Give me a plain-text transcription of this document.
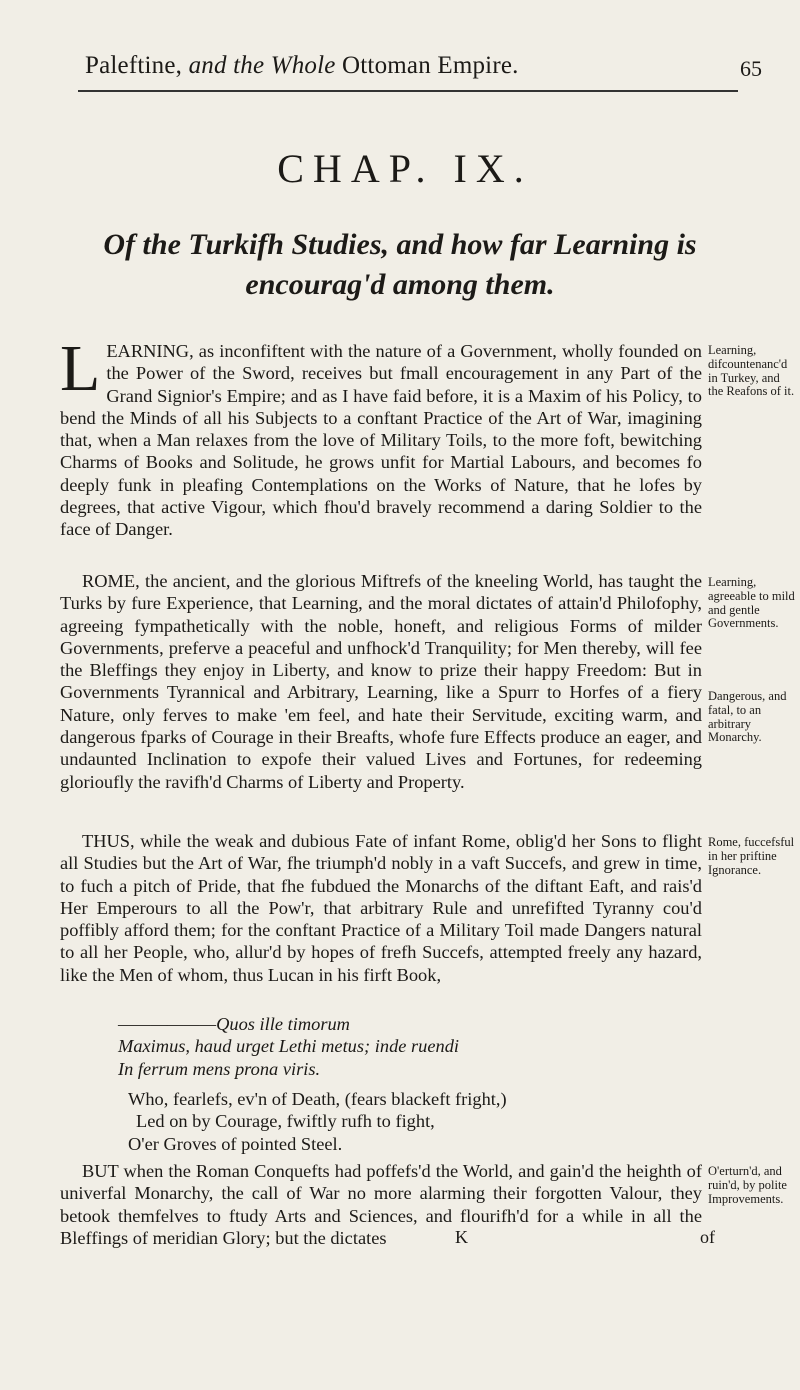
Paleftine, and the Whole Ottoman Empire.	65
CHAP. IX.
Of the Turkifh Studies, and how far Learning is
encourag'd among them.

L EARNING, as inconfiftent with the nature of a Government, wholly founded on the Power of the Sword, receives but fmall encouragement in any Part of the Grand Signior's Empire; and as I have faid before, it is a Maxim of his Policy, to bend the Minds of all his Subjects to a conftant Practice of the Art of War, imagining that, when a Man relaxes from the love of Military Toils, to the more foft, bewitching Charms of Books and Solitude, he grows unfit for Martial Labours, and becomes fo deeply funk in pleafing Contemplations on the Works of Nature, that he lofes by degrees, that active Vigour, which fhou'd bravely recommend a daring Soldier to the face of Danger.

ROME, the ancient, and the glorious Miftrefs of the kneeling World, has taught the Turks by fure Experience, that Learning, and the moral dictates of attain'd Philofophy, agreeing fympathetically with the noble, honeft, and religious Forms of milder Governments, preferve a peaceful and unfhock'd Tranquility; for Men thereby, will fee the Bleffings they enjoy in Liberty, and know to prize their happy Freedom: But in Governments Tyrannical and Arbitrary, Learning, like a Spurr to Horfes of a fiery Nature, only ferves to make 'em feel, and hate their Servitude, exciting warm, and dangerous fparks of Courage in their Breafts, whofe fure Effects produce an eager, and undaunted Inclination to expofe their valued Lives and Fortunes, for redeeming glorioufly the ravifh'd Charms of Liberty and Property.

THUS, while the weak and dubious Fate of infant Rome, oblig'd her Sons to flight all Studies but the Art of War, fhe triumph'd nobly in a vaft Succefs, and grew in time, to fuch a pitch of Pride, that fhe fubdued the Monarchs of the diftant Eaft, and rais'd Her Emperours to all the Pow'r, that arbitrary Rule and unrefifted Tyranny cou'd poffibly afford them; for the conftant Practice of a Military Toil made Dangers natural to all her People, who, allur'd by hopes of frefh Succefs, attempted freely any hazard, like the Men of whom, thus Lucan in his firft Book,

——————Quos ille timorum
Maximus, haud urget Lethi metus; inde ruendi
In ferrum mens prona viris.
Who, fearlefs, ev'n of Death, (fears blackeft fright,)
Led on by Courage, fwiftly rufh to fight,
O'er Groves of pointed Steel.

BUT when the Roman Conquefts had poffefs'd the World, and gain'd the heighth of univerfal Monarchy, the call of War no more alarming their forgotten Valour, they betook themfelves to ftudy Arts and Sciences, and flourifh'd for a while in all the Bleffings of meridian Glory; but the dictates

Learning, difcountenanc'd in Turkey, and the Reafons of it.
Learning, agreeable to mild and gentle Governments.
Dangerous, and fatal, to an arbitrary Monarchy.
Rome, fuccefsful in her priftine Ignorance.
O'erturn'd, and ruin'd, by polite Improvements.
K	of
